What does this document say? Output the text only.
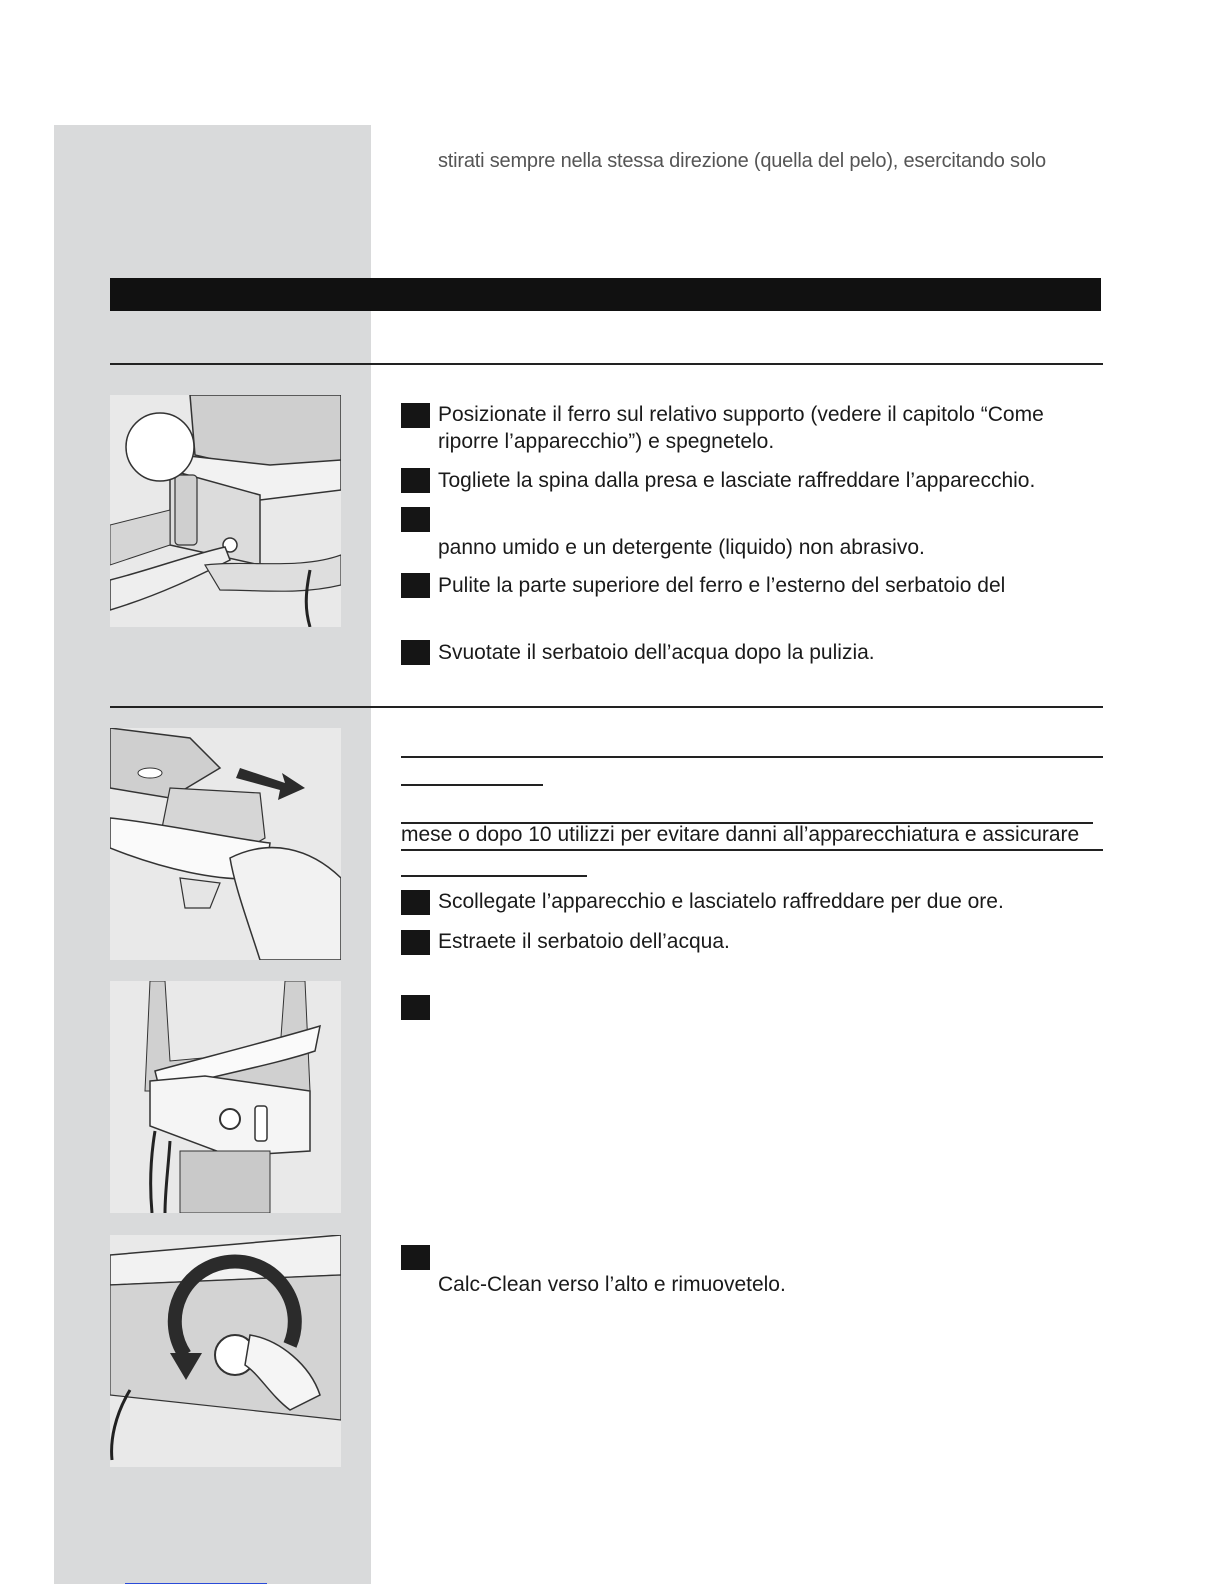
stirati sempre nella stessa direzione (quella del pelo), esercitando solo
Posizionate il ferro sul relativo supporto (vedere il capitolo “Come
riporre l’apparecchio”) e spegnetelo.
Togliete la spina dalla presa e lasciate raffreddare l’apparecchio.
panno umido e un detergente (liquido) non abrasivo.
Pulite la parte superiore del ferro e l’esterno del serbatoio del
Svuotate il serbatoio dell’acqua dopo la pulizia.
mese o dopo 10 utilizzi per evitare danni all’apparecchiatura e assicurare
Scollegate l’apparecchio e lasciatelo raffreddare per due ore.
Estraete il serbatoio dell’acqua.
Calc-Clean verso l’alto e rimuovetelo.
